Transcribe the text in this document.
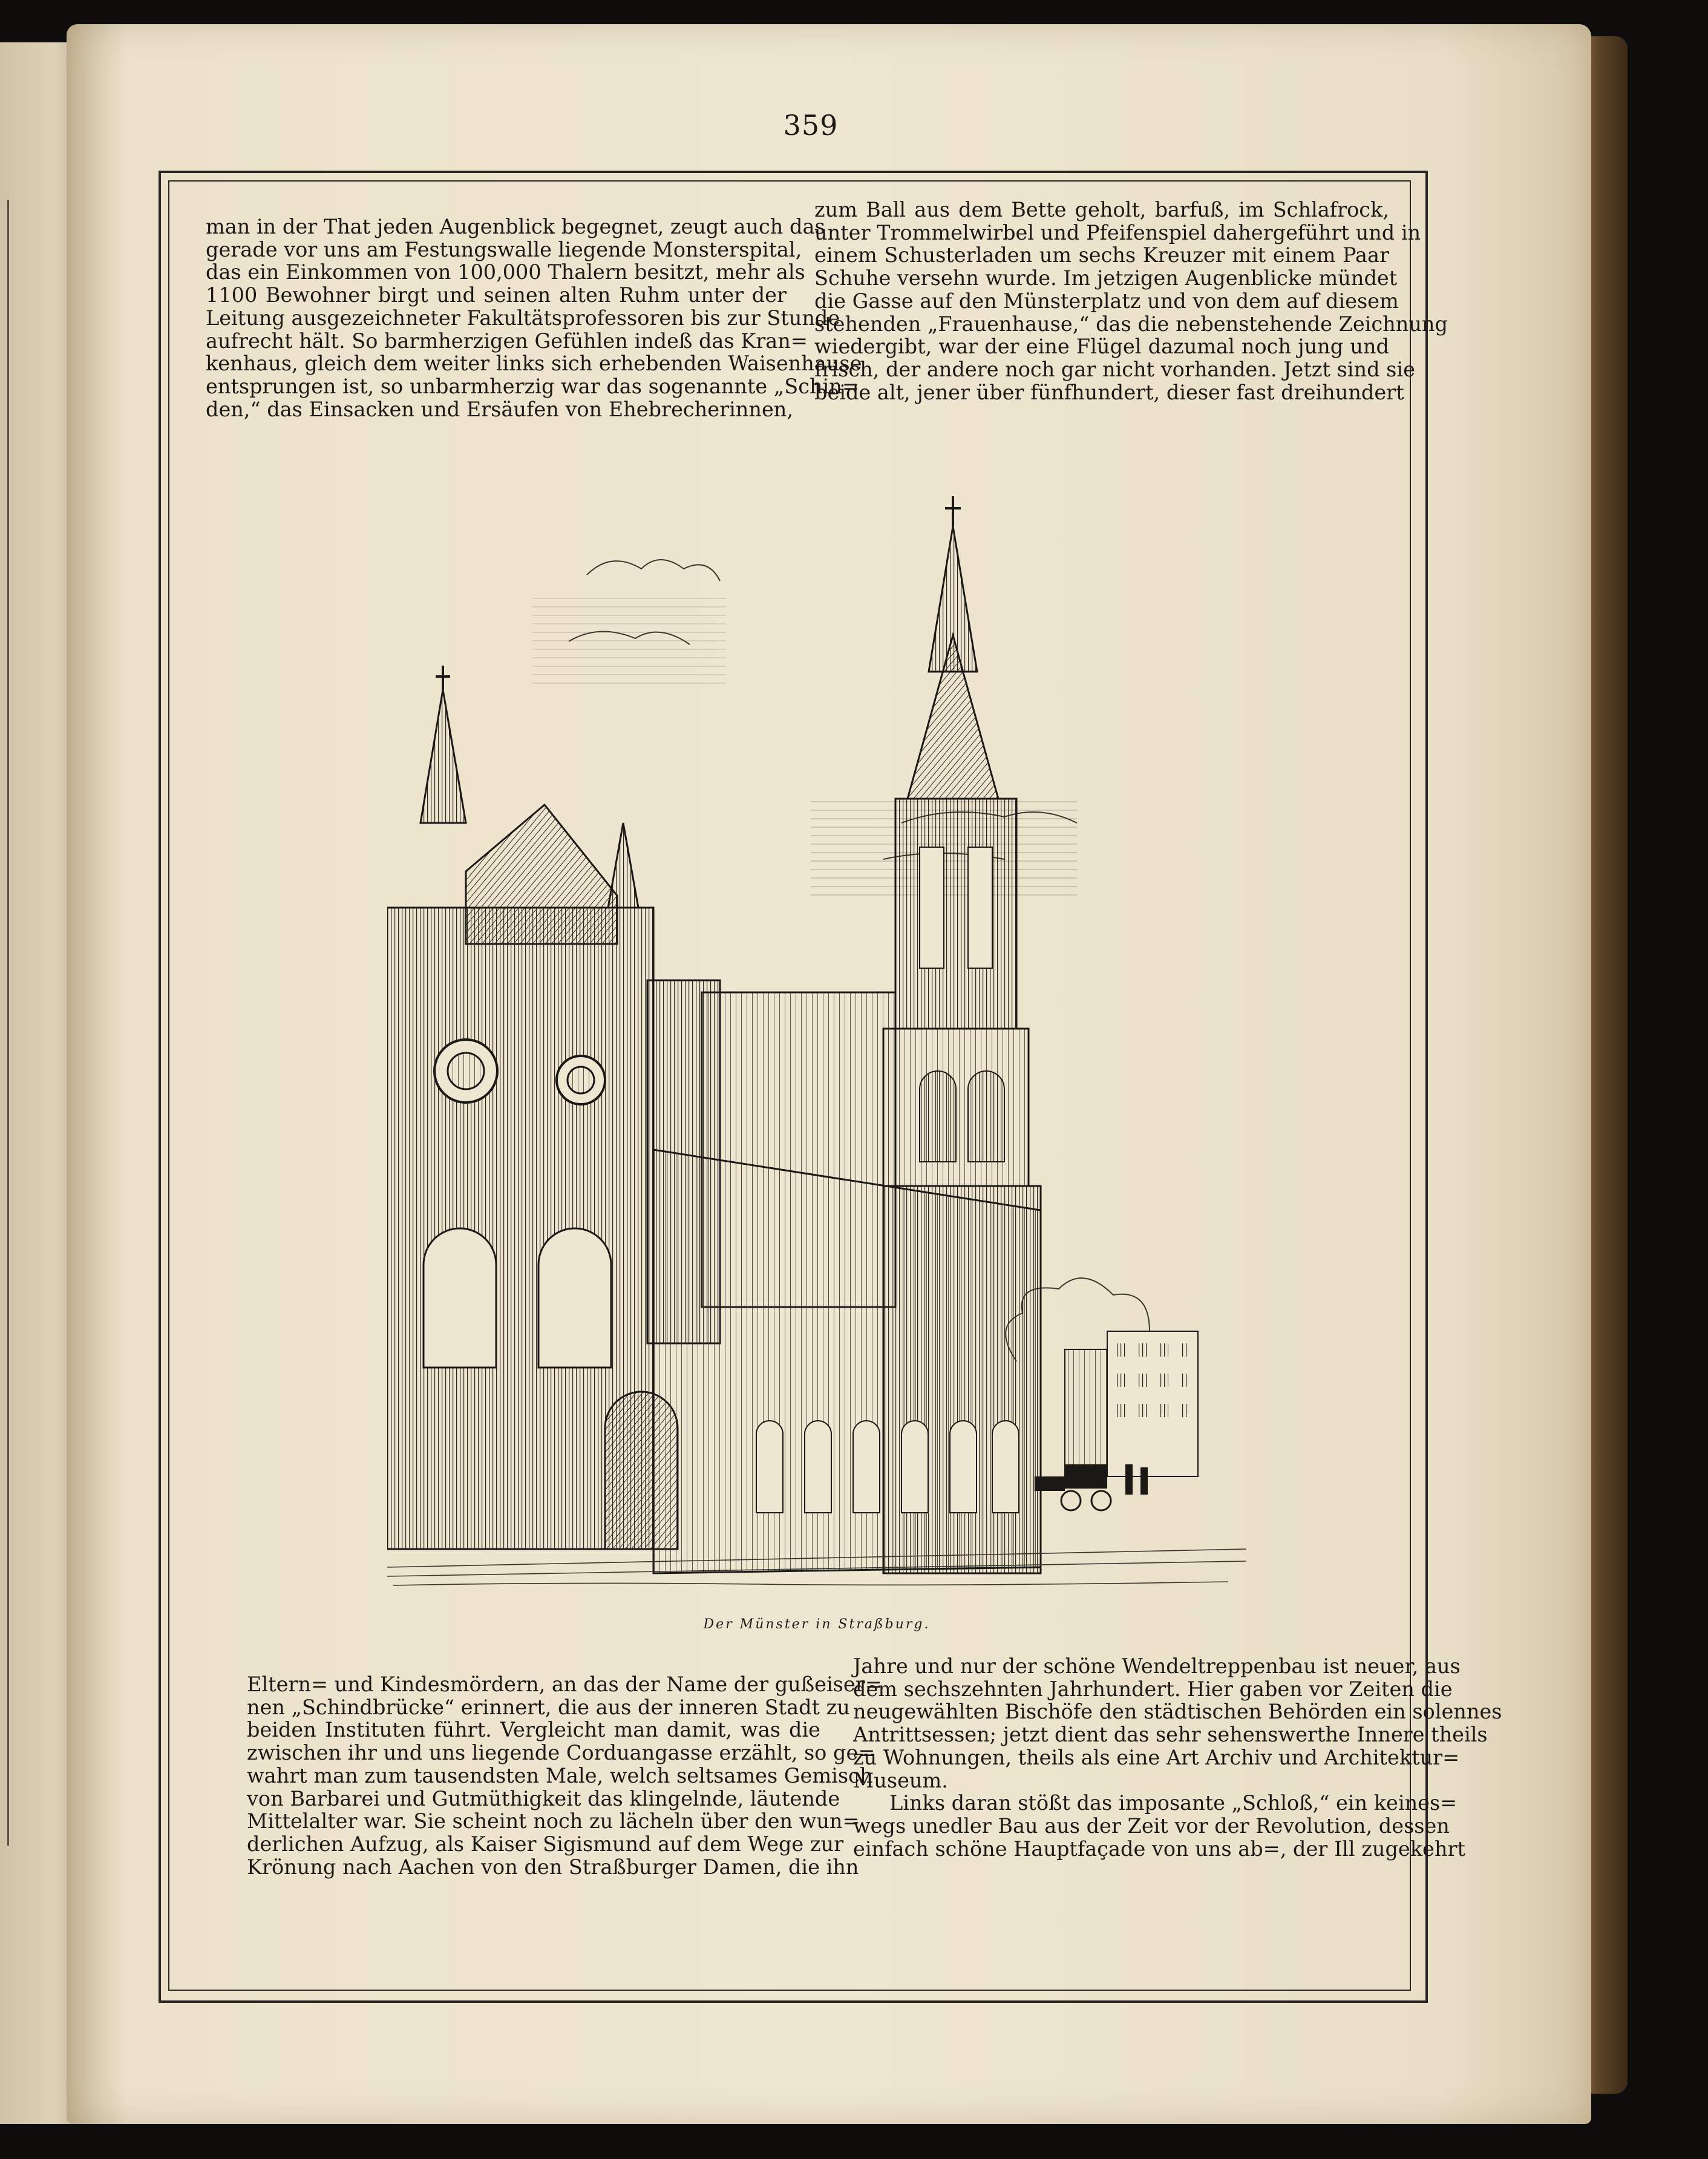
359
man in der That jeden Augenblick begegnet, zeugt auch das
gerade vor uns am Festungswalle liegende Monsterspital,
das ein Einkommen von 100,000 Thalern besitzt, mehr als
1100 Bewohner birgt und seinen alten Ruhm unter der
Leitung ausgezeichneter Fakultätsprofessoren bis zur Stunde
aufrecht hält. So barmherzigen Gefühlen indeß das Kran=
kenhaus, gleich dem weiter links sich erhebenden Waisenhause
entsprungen ist, so unbarmherzig war das sogenannte „Schin=
den,“ das Einsacken und Ersäufen von Ehebrecherinnen,
zum Ball aus dem Bette geholt, barfuß, im Schlafrock,
unter Trommelwirbel und Pfeifenspiel dahergeführt und in
einem Schusterladen um sechs Kreuzer mit einem Paar
Schuhe versehn wurde. Im jetzigen Augenblicke mündet
die Gasse auf den Münsterplatz und von dem auf diesem
stehenden „Frauenhause,“ das die nebenstehende Zeichnung
wiedergibt, war der eine Flügel dazumal noch jung und
frisch, der andere noch gar nicht vorhanden. Jetzt sind sie
beide alt, jener über fünfhundert, dieser fast dreihundert
Der Münster in Straßburg.
Eltern= und Kindesmördern, an das der Name der gußeiser=
nen „Schindbrücke“ erinnert, die aus der inneren Stadt zu
beiden Instituten führt. Vergleicht man damit, was die
zwischen ihr und uns liegende Corduangasse erzählt, so ge=
wahrt man zum tausendsten Male, welch seltsames Gemisch
von Barbarei und Gutmüthigkeit das klingelnde, läutende
Mittelalter war. Sie scheint noch zu lächeln über den wun=
derlichen Aufzug, als Kaiser Sigismund auf dem Wege zur
Krönung nach Aachen von den Straßburger Damen, die ihn
Jahre und nur der schöne Wendeltreppenbau ist neuer, aus
dem sechszehnten Jahrhundert. Hier gaben vor Zeiten die
neugewählten Bischöfe den städtischen Behörden ein solennes
Antrittsessen; jetzt dient das sehr sehenswerthe Innere theils
zu Wohnungen, theils als eine Art Archiv und Architektur=
Museum.
Links daran stößt das imposante „Schloß,“ ein keines=
wegs unedler Bau aus der Zeit vor der Revolution, dessen
einfach schöne Hauptfaçade von uns ab=, der Ill zugekehrt
